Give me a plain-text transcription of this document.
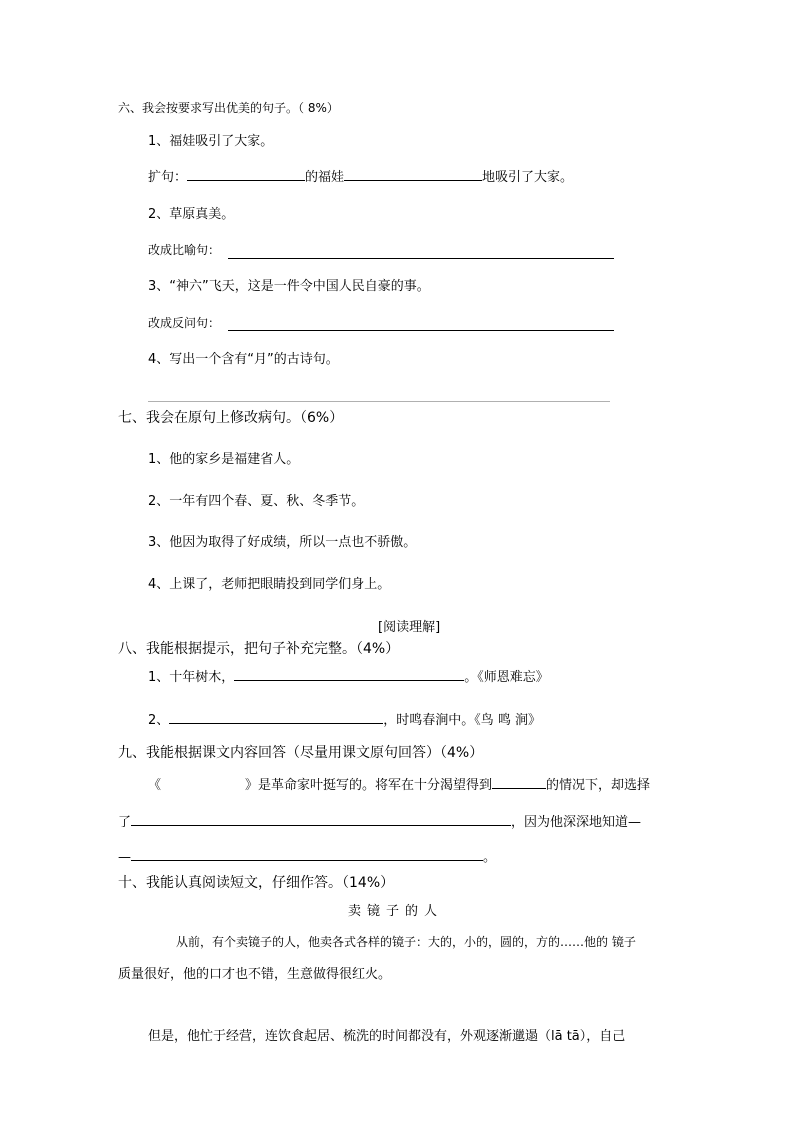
六、我会按要求写出优美的句子。（ 8%）
1、福娃吸引了大家。
扩句：	的福娃	地吸引了大家。
2、草原真美。
改成比喻句：
3、“神六”飞天，这是一件令中国人民自豪的事。
改成反问句：
4、写出一个含有“月”的古诗句。
七、我会在原句上修改病句。（6%）
1、他的家乡是福建省人。
2、一年有四个春、夏、秋、冬季节。
3、他因为取得了好成绩，所以一点也不骄傲。
4、上课了，老师把眼睛投到同学们身上。
[阅读理解]
八、我能根据提示，把句子补充完整。（4%）
1、十年树木，	。《师恩难忘》
2、	，时鸣春涧中。《鸟 鸣 涧》
九、我能根据课文内容回答（尽量用课文原句回答）（4%）
《	》是革命家叶挺写的。将军在十分渴望得到	的情况下，却选择
了	，因为他深深地知道—
—	。
十、我能认真阅读短文，仔细作答。（14%）
卖镜子的人
从前，有个卖镜子的人，他卖各式各样的镜子：大的，小的，圆的，方的……他的 镜子
质量很好，他的口才也不错，生意做得很红火。
但是，他忙于经营，连饮食起居、梳洗的时间都没有，外观逐渐邋遢（lā tā），自己
